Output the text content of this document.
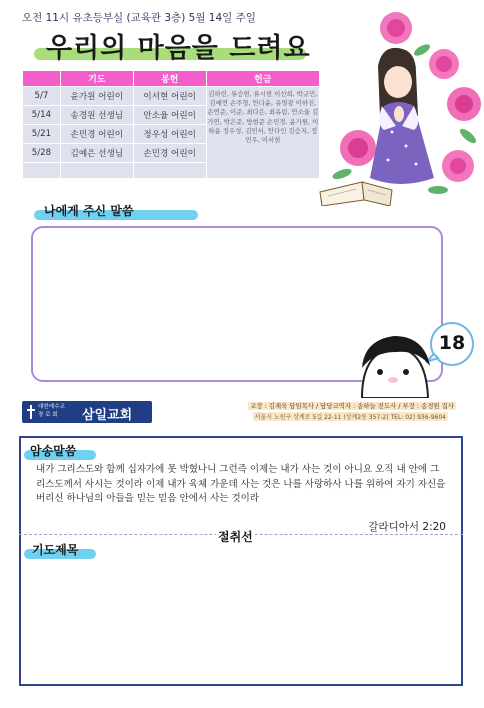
오전 11시 유초등부실 (교육관 3층) 5월 14일 주일
우리의 마음을 드려요
	기도	봉헌	헌금
5/7	윤가원 어린이	이서현 어린이	김하린, 류승현, 류시현 이선희, 박규민, 김예연 손주형, 안다윤, 유영광 이하진, 손연준, 이준, 최다은, 최유림, 안소율 김가연, 박은준, 방현준 손민경, 윤가원, 이하윤 정우성, 김민서, 안다인 김승지, 정민우, 이서현
5/14	송경원 선생님	안소율 어린이	
5/21	손민경 어린이	정우성 어린이	
5/28	김예은 선생님	손민경 어린이	

나에게 주신 말씀
18
대한예수교
장 로 회	삼일교회
교장 : 김재욱 담임목사 / 담당교역자 : 송하늘 전도사 / 부장 : 송경원 집사
서울시 노원구 상계로 5길 22-11 (상계2동 357-2) TEL: 02) 936-9604
암송말씀
내가 그리스도와 함께 십자가에 못 박혔나니 그런즉 이제는 내가 사는 것이 아니요 오직 내 안에 그리스도께서 사시는 것이라 이제 내가 육체 가운데 사는 것은 나를 사랑하사 나를 위하여 자기 자신을 버리신 하나님의 아들을 믿는 믿음 안에서 사는 것이라
갈라디아서 2:20
절취선
기도제목
